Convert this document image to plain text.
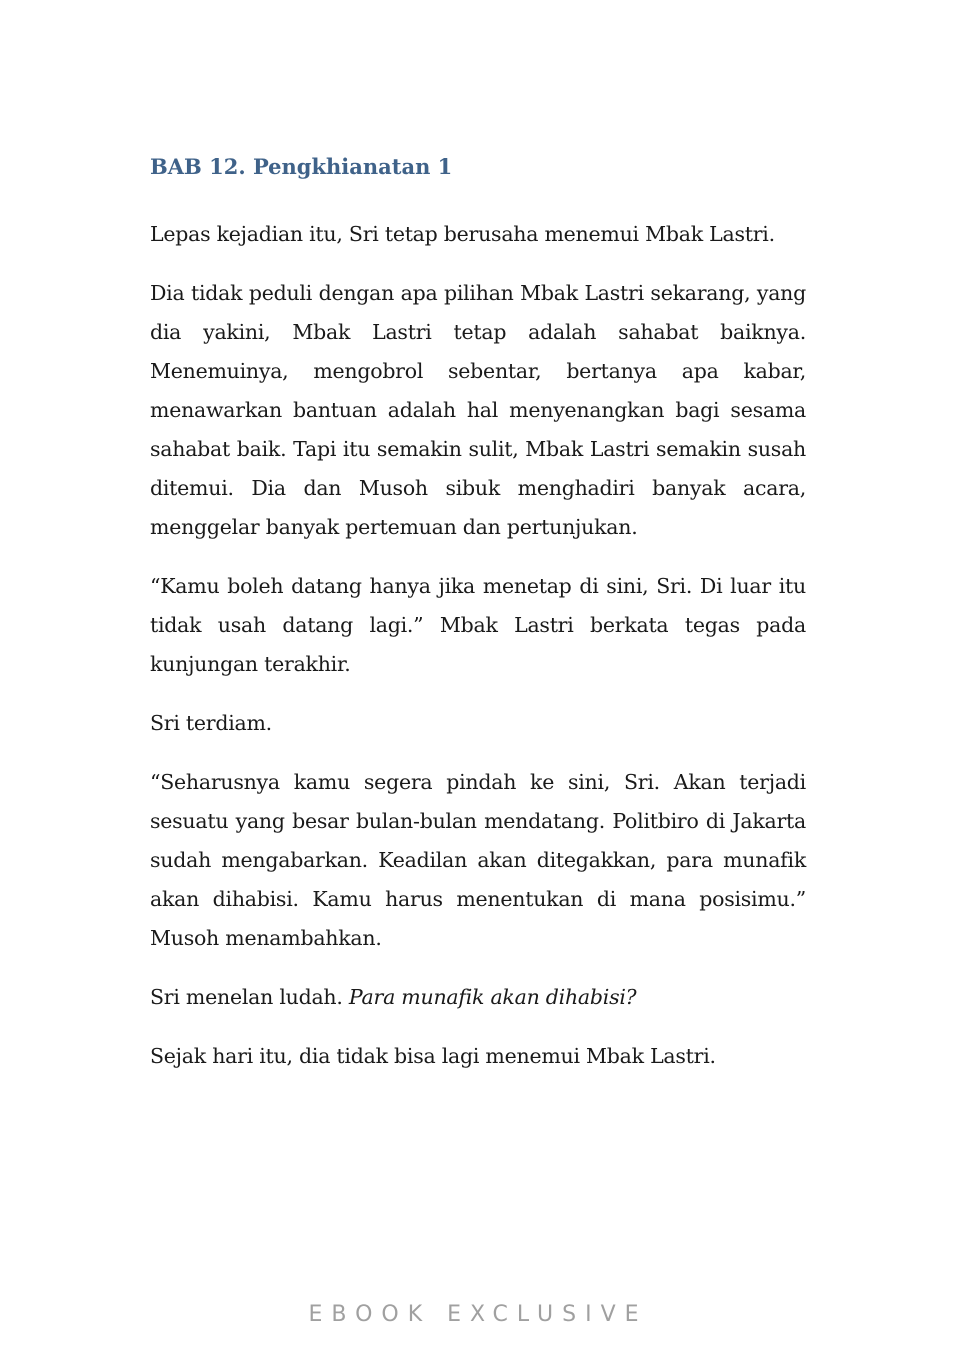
BAB 12. Pengkhianatan 1

Lepas kejadian itu, Sri tetap berusaha menemui Mbak Lastri.

Dia tidak peduli dengan apa pilihan Mbak Lastri sekarang, yang dia yakini, Mbak Lastri tetap adalah sahabat baiknya. Menemuinya, mengobrol sebentar, bertanya apa kabar, menawarkan bantuan adalah hal menyenangkan bagi sesama sahabat baik. Tapi itu semakin sulit, Mbak Lastri semakin susah ditemui. Dia dan Musoh sibuk menghadiri banyak acara, menggelar banyak pertemuan dan pertunjukan.

“Kamu boleh datang hanya jika menetap di sini, Sri. Di luar itu tidak usah datang lagi.” Mbak Lastri berkata tegas pada kunjungan terakhir.

Sri terdiam.

“Seharusnya kamu segera pindah ke sini, Sri. Akan terjadi sesuatu yang besar bulan-bulan mendatang. Politbiro di Jakarta sudah mengabarkan. Keadilan akan ditegakkan, para munafik akan dihabisi. Kamu harus menentukan di mana posisimu.” Musoh menambahkan.

Sri menelan ludah. Para munafik akan dihabisi?

Sejak hari itu, dia tidak bisa lagi menemui Mbak Lastri.

EBOOK EXCLUSIVE
